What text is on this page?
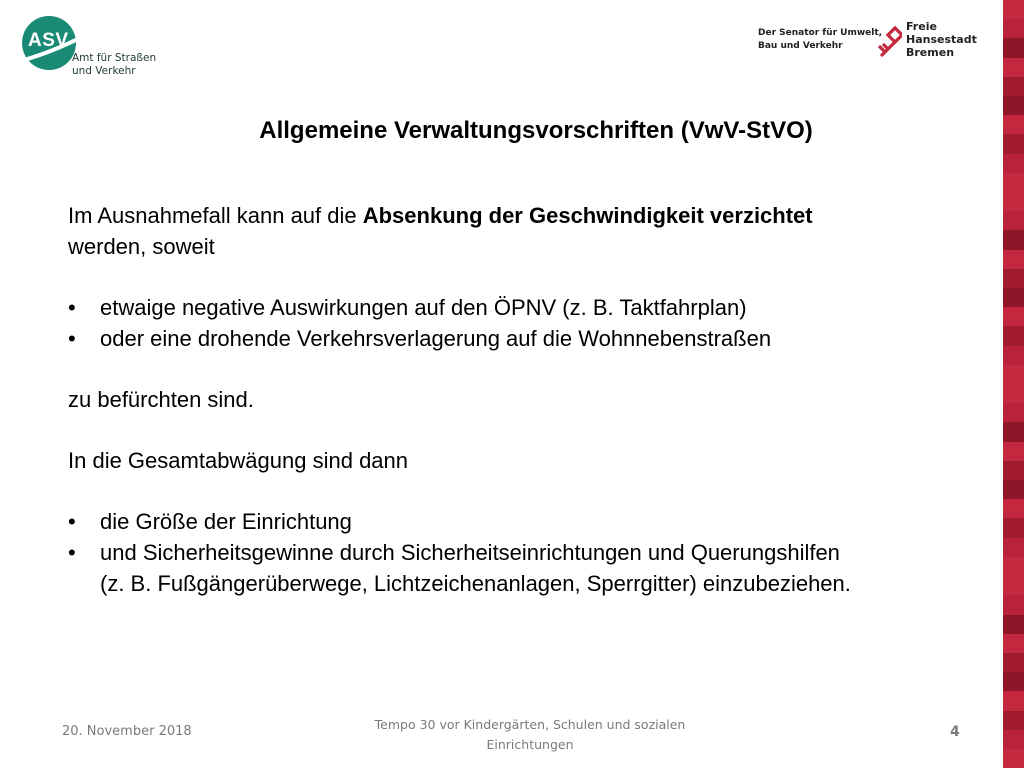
ASV
Amt für Straßen
und Verkehr
Der Senator für Umwelt,
Bau und Verkehr
Freie
Hansestadt
Bremen
Allgemeine Verwaltungsvorschriften (VwV-StVO)

Im Ausnahmefall kann auf die Absenkung der Geschwindigkeit verzichtet
werden, soweit

• etwaige negative Auswirkungen auf den ÖPNV (z. B. Taktfahrplan)
• oder eine drohende Verkehrsverlagerung auf die Wohnnebenstraßen

zu befürchten sind.

In die Gesamtabwägung sind dann

• die Größe der Einrichtung
• und Sicherheitsgewinne durch Sicherheitseinrichtungen und Querungshilfen (z. B. Fußgängerüberwege, Lichtzeichenanlagen, Sperrgitter) einzubeziehen.
20. November 2018	Tempo 30 vor Kindergärten, Schulen und sozialen Einrichtungen
4
